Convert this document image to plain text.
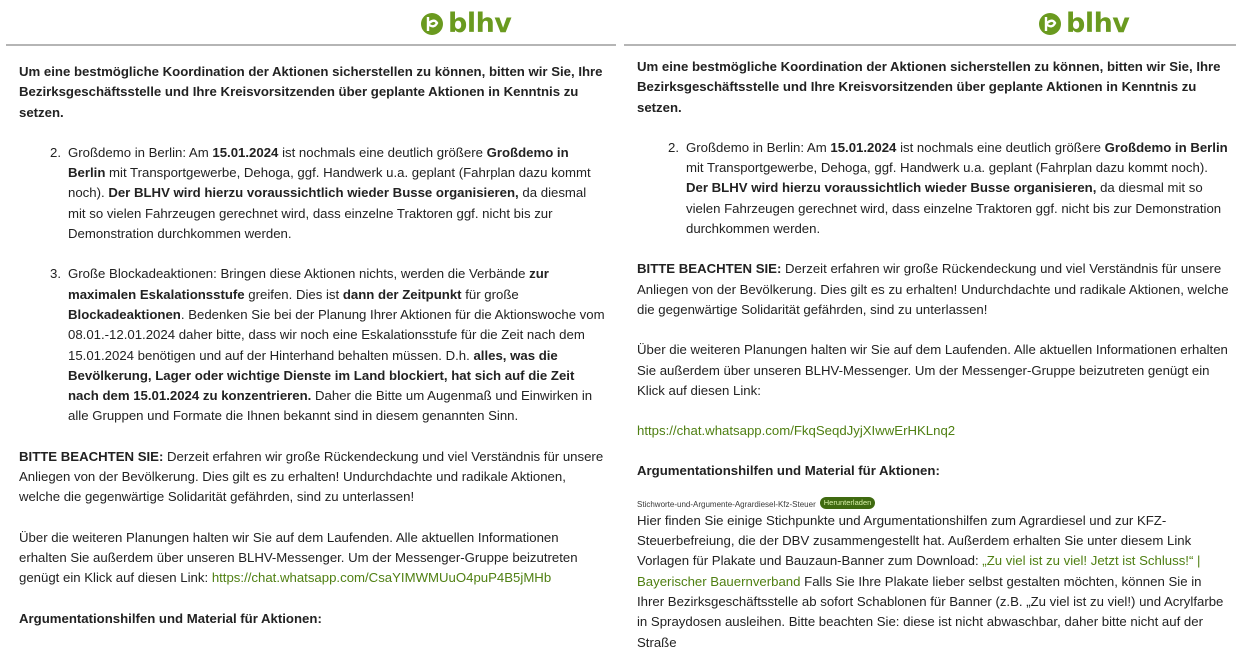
blhv

Um eine bestmögliche Koordination der Aktionen sicherstellen zu können, bitten wir Sie, Ihre Bezirksgeschäftsstelle und Ihre Kreisvorsitzenden über geplante Aktionen in Kenntnis zu setzen.

2. Großdemo in Berlin: Am 15.01.2024 ist nochmals eine deutlich größere Großdemo in Berlin mit Transportgewerbe, Dehoga, ggf. Handwerk u.a. geplant (Fahrplan dazu kommt noch). Der BLHV wird hierzu voraussichtlich wieder Busse organisieren, da diesmal mit so vielen Fahrzeugen gerechnet wird, dass einzelne Traktoren ggf. nicht bis zur Demonstration durchkommen werden.
3. Große Blockadeaktionen: Bringen diese Aktionen nichts, werden die Verbände zur maximalen Eskalationsstufe greifen. Dies ist dann der Zeitpunkt für große Blockadeaktionen. Bedenken Sie bei der Planung Ihrer Aktionen für die Aktionswoche vom 08.01.-12.01.2024 daher bitte, dass wir noch eine Eskalationsstufe für die Zeit nach dem 15.01.2024 benötigen und auf der Hinterhand behalten müssen. D.h. alles, was die Bevölkerung, Lager oder wichtige Dienste im Land blockiert, hat sich auf die Zeit nach dem 15.01.2024 zu konzentrieren. Daher die Bitte um Augenmaß und Einwirken in alle Gruppen und Formate die Ihnen bekannt sind in diesem genannten Sinn.

BITTE BEACHTEN SIE: Derzeit erfahren wir große Rückendeckung und viel Verständnis für unsere Anliegen von der Bevölkerung. Dies gilt es zu erhalten! Undurchdachte und radikale Aktionen, welche die gegenwärtige Solidarität gefährden, sind zu unterlassen!

Über die weiteren Planungen halten wir Sie auf dem Laufenden. Alle aktuellen Informationen erhalten Sie außerdem über unseren BLHV-Messenger. Um der Messenger-Gruppe beizutreten genügt ein Klick auf diesen Link: https://chat.whatsapp.com/CsaYIMWMUuO4puP4B5jMHb

Argumentationshilfen und Material für Aktionen:

blhv

Um eine bestmögliche Koordination der Aktionen sicherstellen zu können, bitten wir Sie, Ihre Bezirksgeschäftsstelle und Ihre Kreisvorsitzenden über geplante Aktionen in Kenntnis zu setzen.

2. Großdemo in Berlin: Am 15.01.2024 ist nochmals eine deutlich größere Großdemo in Berlin mit Transportgewerbe, Dehoga, ggf. Handwerk u.a. geplant (Fahrplan dazu kommt noch). Der BLHV wird hierzu voraussichtlich wieder Busse organisieren, da diesmal mit so vielen Fahrzeugen gerechnet wird, dass einzelne Traktoren ggf. nicht bis zur Demonstration durchkommen werden.

BITTE BEACHTEN SIE: Derzeit erfahren wir große Rückendeckung und viel Verständnis für unsere Anliegen von der Bevölkerung. Dies gilt es zu erhalten! Undurchdachte und radikale Aktionen, welche die gegenwärtige Solidarität gefährden, sind zu unterlassen!

Über die weiteren Planungen halten wir Sie auf dem Laufenden. Alle aktuellen Informationen erhalten Sie außerdem über unseren BLHV-Messenger. Um der Messenger-Gruppe beizutreten genügt ein Klick auf diesen Link:

https://chat.whatsapp.com/FkqSeqdJyjXIwwErHKLnq2

Argumentationshilfen und Material für Aktionen:

Stichworte-und-Argumente-Agrardiesel-Kfz-Steuer Herunterladen

Hier finden Sie einige Stichpunkte und Argumentationshilfen zum Agrardiesel und zur KFZ-Steuerbefreiung, die der DBV zusammengestellt hat. Außerdem erhalten Sie unter diesem Link Vorlagen für Plakate und Bauzaun-Banner zum Download: „Zu viel ist zu viel! Jetzt ist Schluss!“ | Bayerischer Bauernverband Falls Sie Ihre Plakate lieber selbst gestalten möchten, können Sie in Ihrer Bezirksgeschäftsstelle ab sofort Schablonen für Banner (z.B. „Zu viel ist zu viel!) und Acrylfarbe in Spraydosen ausleihen. Bitte beachten Sie: diese ist nicht abwaschbar, daher bitte nicht auf der Straße
